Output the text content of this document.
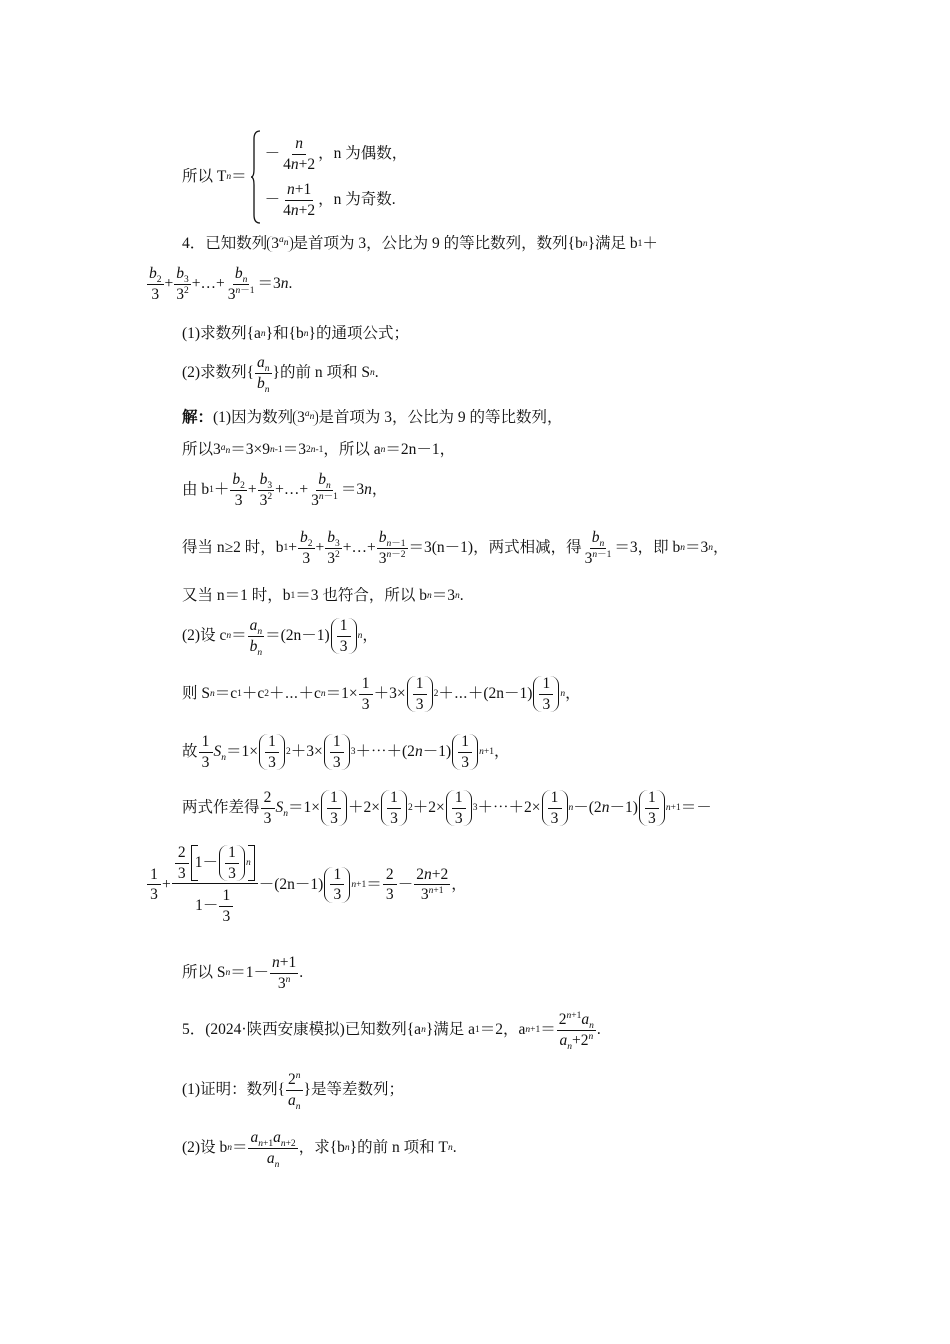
所以 T n ＝
－ $\frac{n}{4n+2}$ ，n 为偶数，
－ $\frac{n+1}{4n+2}$ ，n 为奇数.
4．已知数列 $3^{a_n}$ 是首项为 3，公比为 9 的等比数列，数列{b n }满足 b 1 ＋
$\frac{b_2}{3} + \frac{b_3}{3^2}$ +…+ $\frac{b_n}{3^{n-1}} =3$ n .
(1)求数列{a n }和{b n }的通项公式；
(2)求数列{ $\frac{a_n}{b_n}$ }的前 n 项和 S n .
解： (1)因为数列 $3^{a_n}$ 是首项为 3，公比为 9 的等比数列，
所以3 $a_n =3\times 9$ n-1 ＝3 2n-1 ，所以 a n ＝2n－1，
由 b $1 + \frac{b_2}{3} + \frac{b_3}{3^2}$ +…+ $\frac{b_n}{3^{n-1}} =3$ n ，
得当 n≥2 时，b $1 + \frac{b_2}{3} + \frac{b_3}{3^2}$ +…+ $\frac{b_{n-1}}{3^{n-2}} =3(n-1)$，两式相减，得 $\frac{b_n}{3^{n-1}} =3$，即 b n ＝3 n ，
又当 n＝1 时，b 1 ＝3 也符合，所以 b n ＝3 n .
(2)设 c $n = \frac{a_n}{b_n} =(2n-1) \frac{1}{3}$ n ，
则 S n ＝c 1 ＋c 2 ＋⋯＋c $n =1\times \frac{1}{3} +3\times \frac{1}{3} 2$ ＋⋯＋(2n－1) $\frac{1}{3}$ n ，
故 $\frac{1}{3} S_n =1\times \frac{1}{3} 2 +3\times \frac{1}{3} 3$ ＋⋯＋(2 $n -1) \frac{1}{3} n+1$ ，
两式作差得 $\frac{2}{3} S_n =1\times \frac{1}{3} +2\times \frac{1}{3} 2 +2\times \frac{1}{3} 3$ ＋⋯＋2× $\frac{1}{3}$ n －(2 $n -1) \frac{1}{3} n+1$ ＝－
$\frac{1}{3} + \frac{\frac{2}{3} 1- \frac{1}{3} n}{1- \frac{1}{3}} -(2n-1) \frac{1}{3} n+1 = \frac{2}{3} - \frac{2n+2}{3^{n+1}}$ ，
所以 S $n =1- \frac{n+1}{3^n}$ .
5．(2024·陕西安康模拟)已知数列{a n }满足 a 1 ＝2，a $n+1 = \frac{2^{n+1}a_n}{a_n+2^n}$ .
(1)证明：数列{ $\frac{2^n}{a_n}$ }是等差数列；
(2)设 b $n = \frac{a_{n+1}a_{n+2}}{a_n}$ ，求{b n }的前 n 项和 T n .
